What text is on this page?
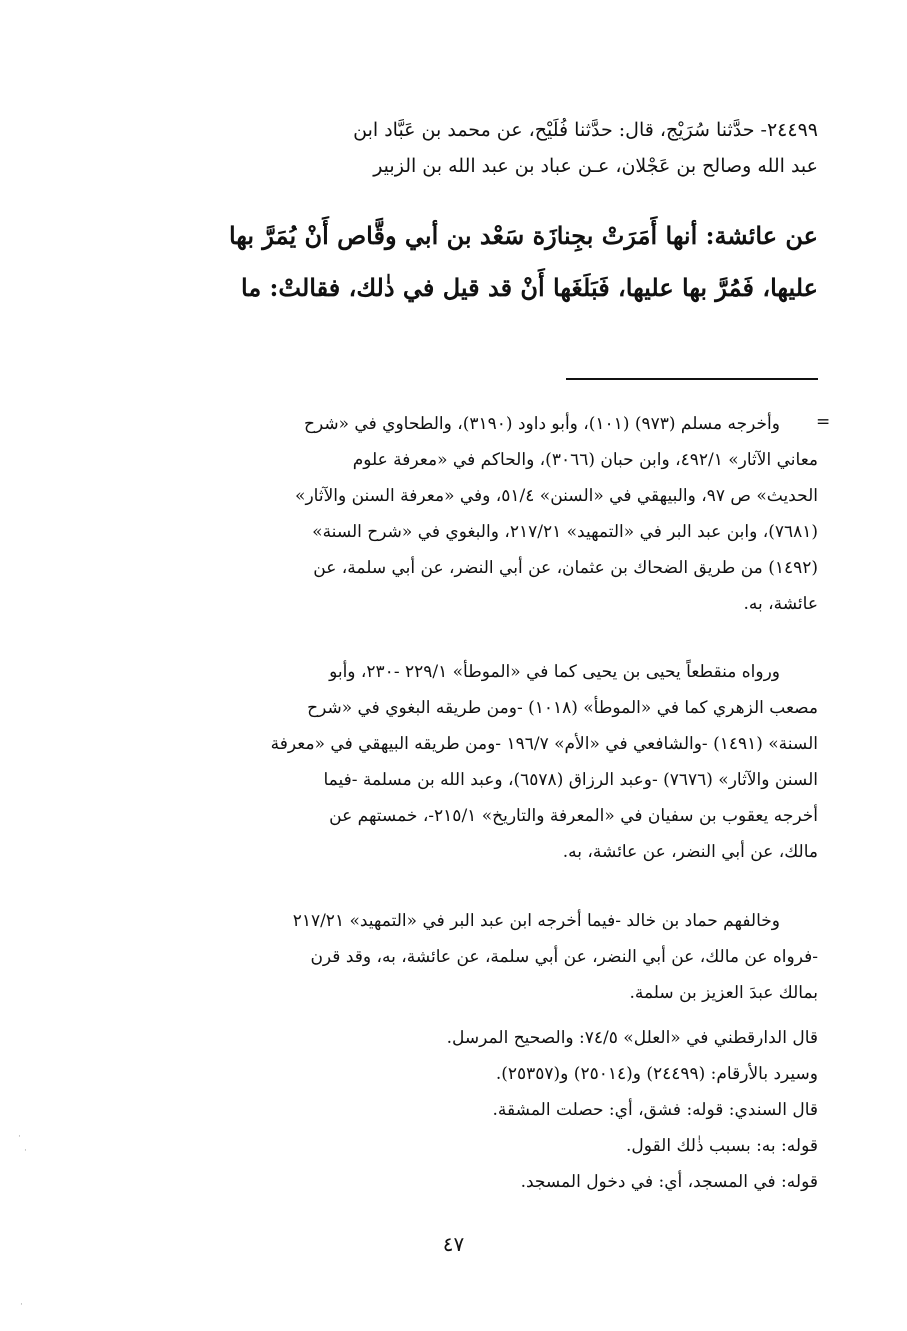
٢٤٤٩٩- حدَّثنا سُرَيْج، قال: حدَّثنا فُلَيْح، عن محمد بن عَبَّاد ابن
عبد الله وصالح بن عَجْلان، عـن عباد بن عبد الله بن الزبير
عن عائشة: أنها أَمَرَتْ بجِنازَة سَعْد بن أبي وقَّاص أَنْ يُمَرَّ بها
عليها، فَمُرَّ بها عليها، فَبَلَغَها أَنْ قد قيل في ذٰلك، فقالتْ: ما
=
وأخرجه مسلم (٩٧٣) (١٠١)، وأبو داود (٣١٩٠)، والطحاوي في «شرح
معاني الآثار» ٤٩٢/١، وابن حبان (٣٠٦٦)، والحاكم في «معرفة علوم
الحديث» ص ٩٧، والبيهقي في «السنن» ٥١/٤، وفي «معرفة السنن والآثار»
(٧٦٨١)، وابن عبد البر في «التمهيد» ٢١٧/٢١، والبغوي في «شرح السنة»
(١٤٩٢) من طريق الضحاك بن عثمان، عن أبي النضر، عن أبي سلمة، عن
عائشة، به.
ورواه منقطعاً يحيى بن يحيى كما في «الموطأ» ٢٢٩/١ -٢٣٠، وأبو
مصعب الزهري كما في «الموطأ» (١٠١٨) -ومن طريقه البغوي في «شرح
السنة» (١٤٩١) -والشافعي في «الأم» ١٩٦/٧ -ومن طريقه البيهقي في «معرفة
السنن والآثار» (٧٦٧٦) -وعبد الرزاق (٦٥٧٨)، وعبد الله بن مسلمة -فيما
أخرجه يعقوب بن سفيان في «المعرفة والتاريخ» ٢١٥/١-، خمستهم عن
مالك، عن أبي النضر، عن عائشة، به.
وخالفهم حماد بن خالد -فيما أخرجه ابن عبد البر في «التمهيد» ٢١٧/٢١
-فرواه عن مالك، عن أبي النضر، عن أبي سلمة، عن عائشة، به، وقد قرن
بمالك عبدَ العزيز بن سلمة.
قال الدارقطني في «العلل» ٧٤/٥: والصحيح المرسل.
وسيرد بالأرقام: (٢٤٤٩٩) و(٢٥٠١٤) و(٢٥٣٥٧).
قال السندي: قوله: فشق، أي: حصلت المشقة.
قوله: به: بسبب ذٰلك القول.
قوله: في المسجد، أي: في دخول المسجد.
٤٧
·
·
·
